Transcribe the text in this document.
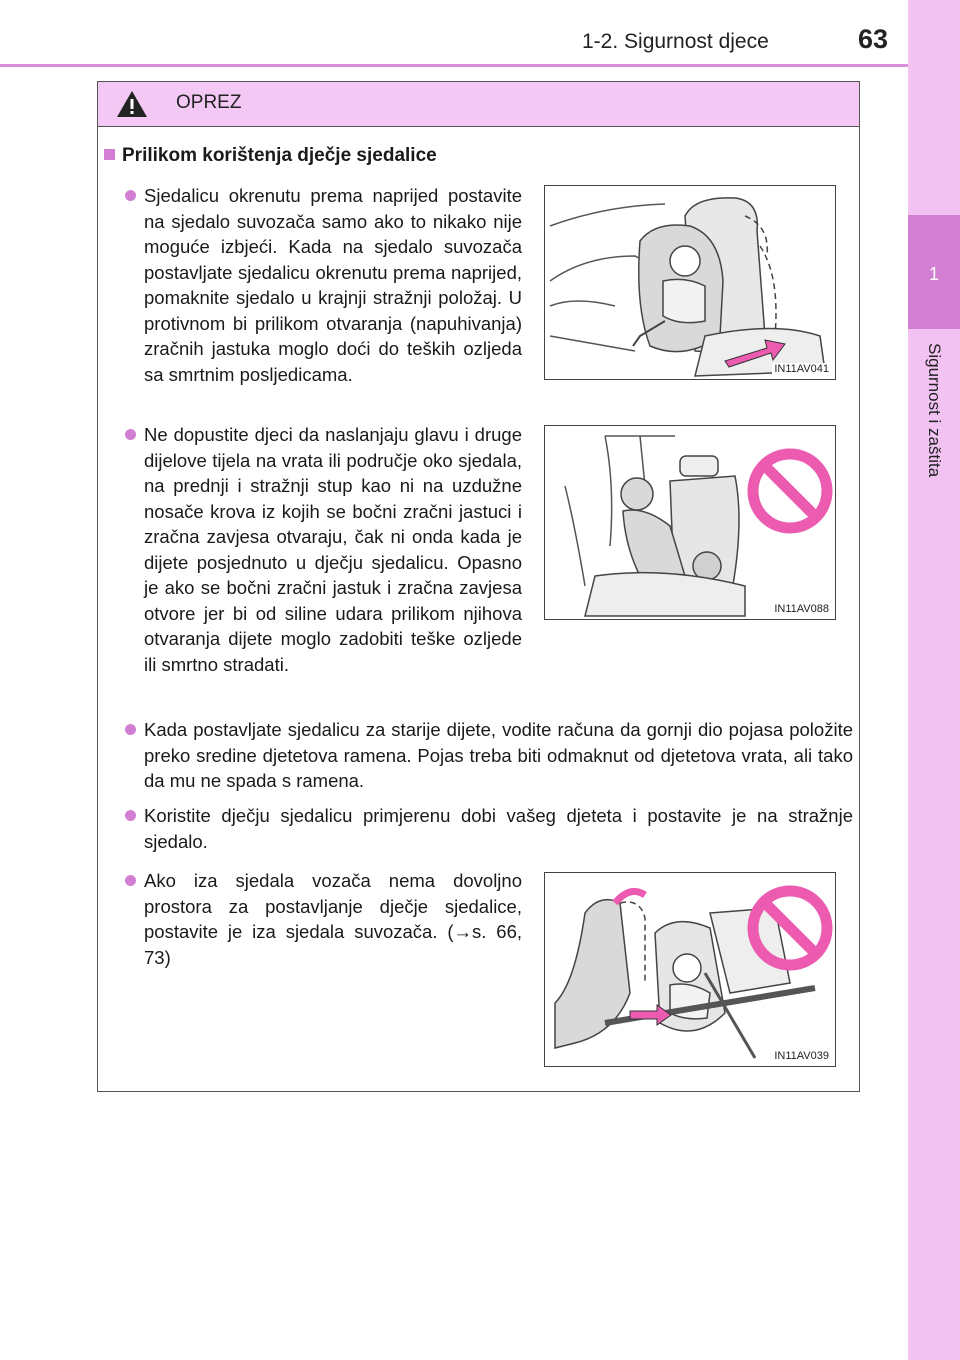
1-2. Sigurnost djece	63
1
Sigurnost i zaštita
OPREZ
Prilikom korištenja dječje sjedalice

Sjedalicu okrenutu prema naprijed postavite na sjedalo suvozača samo ako to nikako nije moguće izbjeći. Kada na sjedalo suvozača postavljate sjedalicu okrenutu prema naprijed, pomaknite sjedalo u krajnji stražnji položaj. U protivnom bi prilikom otvaranja (napuhivanja) zračnih jastuka moglo doći do teških ozljeda sa smrtnim posljedicama.	IN11AV041

Ne dopustite djeci da naslanjaju glavu i druge dijelove tijela na vrata ili područje oko sjedala, na prednji i stražnji stup kao ni na uzdužne nosače krova iz kojih se bočni zračni jastuci i zračna zavjesa otvaraju, čak ni onda kada je dijete posjednuto u dječju sjedalicu. Opasno je ako se bočni zračni jastuk i zračna zavjesa otvore jer bi od siline udara prilikom njihova otvaranja dijete moglo zadobiti teške ozljede ili smrtno stradati.

IN11AV088

Kada postavljate sjedalicu za starije dijete, vodite računa da gornji dio pojasa položite preko sredine djetetova ramena. Pojas treba biti odmaknut od djetetova vrata, ali tako da mu ne spada s ramena.

Koristite dječju sjedalicu primjerenu dobi vašeg djeteta i postavite je na stražnje sjedalo.

Ako iza sjedala vozača nema dovoljno prostora za postavljanje dječje sjedalice, postavite je iza sjedala suvozača. (→s. 66, 73)

IN11AV039
